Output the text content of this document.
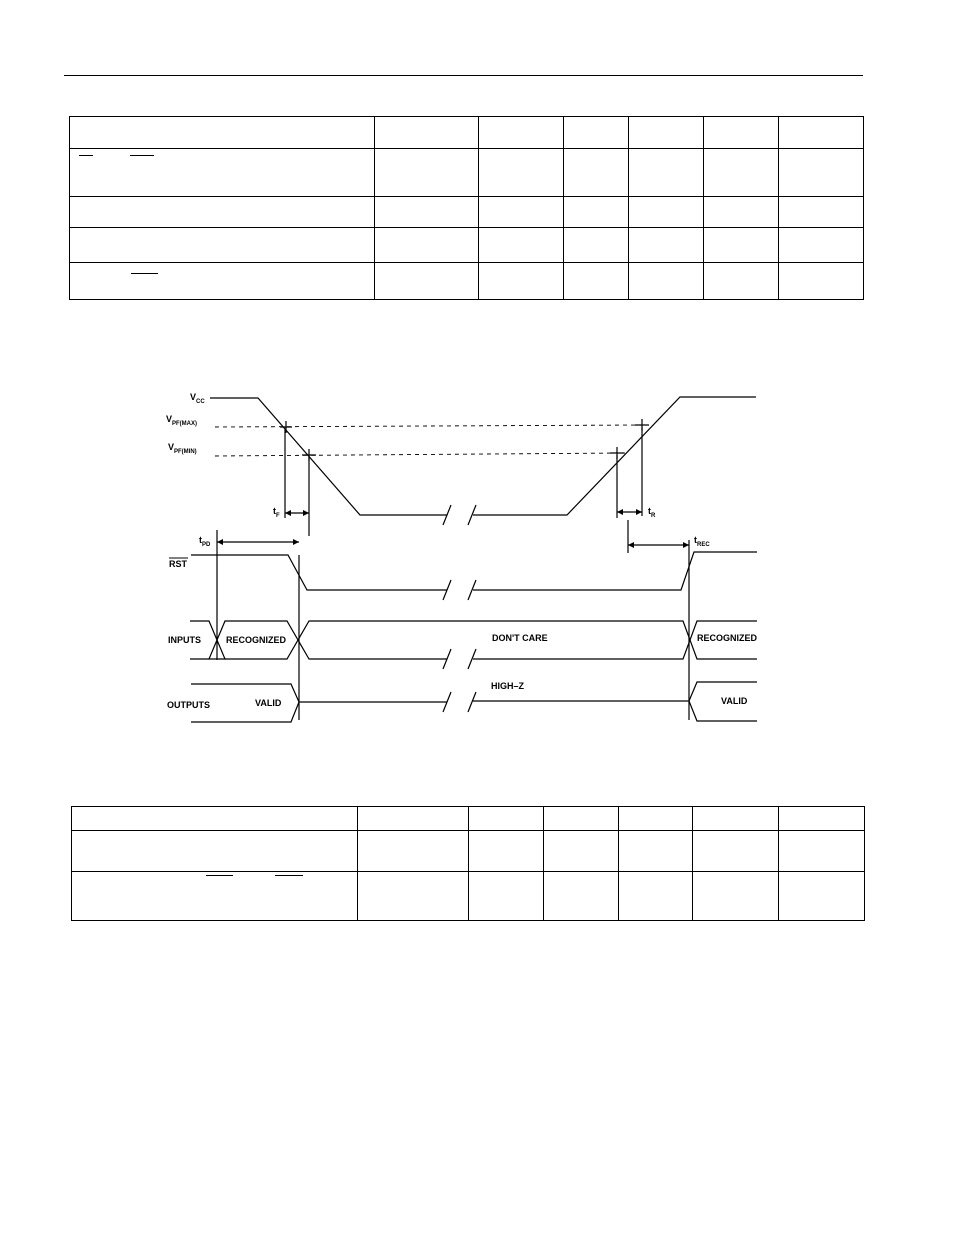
$V_{CC}$
$V_{PF(MAX)}$
$V_{PF(MIN)}$
$t_F$	$t_R$
$t_{PD}$	$t_{REC}$
RST
INPUTS	RECOGNIZED	DON'T CARE	RECOGNIZED
OUTPUTS	VALID
HIGH–Z
VALID
